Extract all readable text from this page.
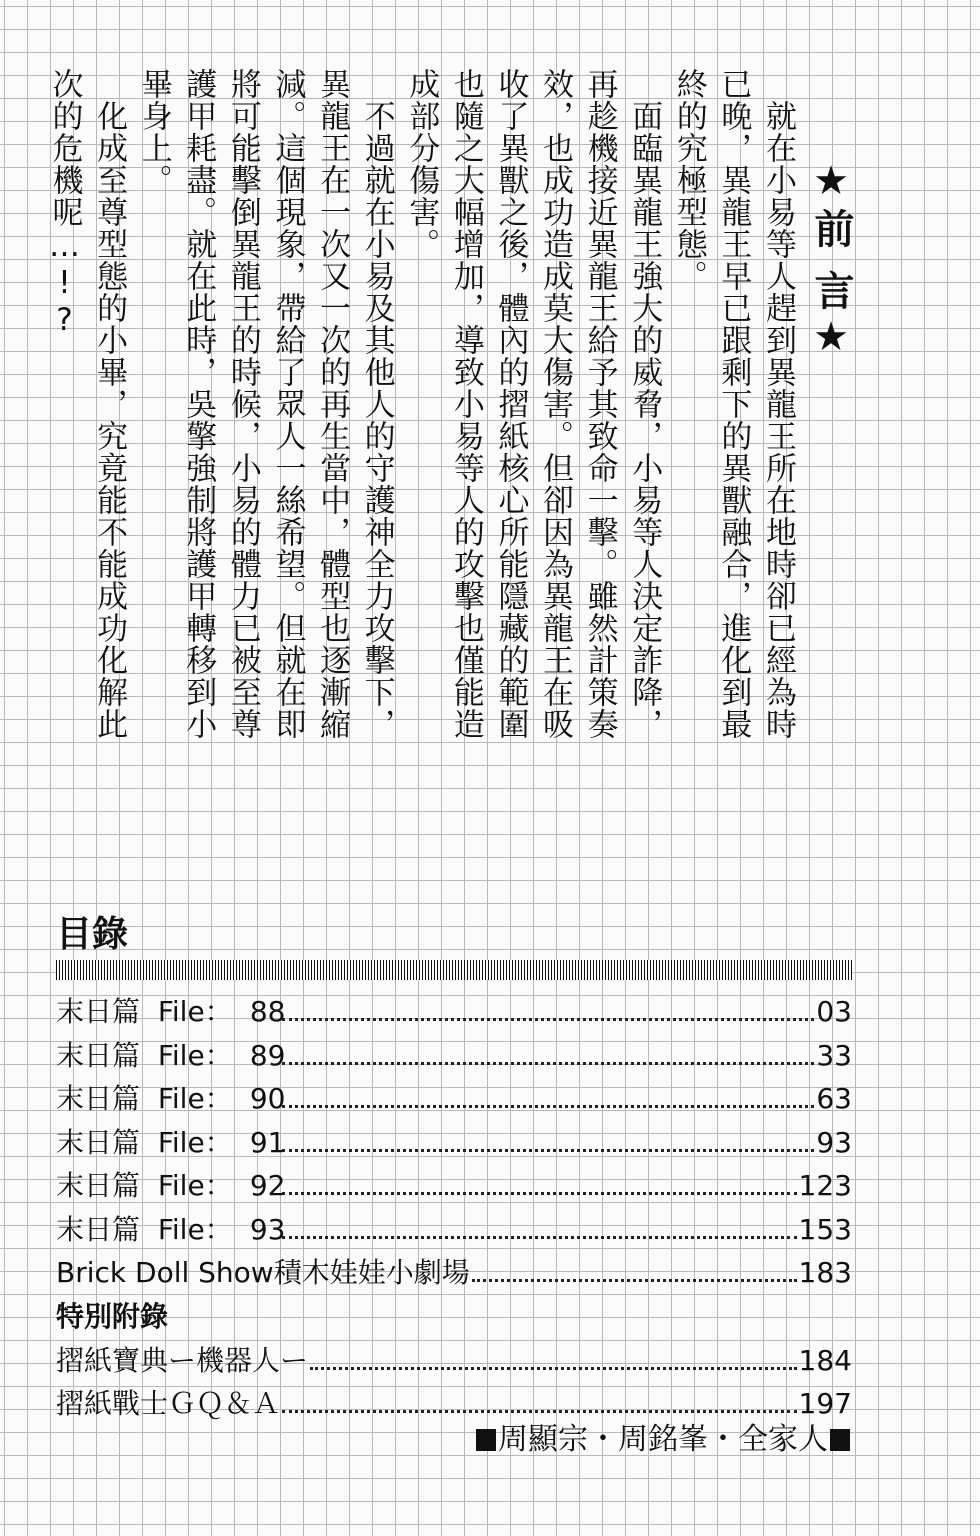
★前 言★

　就在小易等人趕到異龍王所在地時卻已經為時

已晚，異龍王早已跟剩下的異獸融合，進化到最

終的究極型態。

　面臨異龍王強大的威脅，小易等人決定詐降，

再趁機接近異龍王給予其致命一擊。雖然計策奏

效，也成功造成莫大傷害。但卻因為異龍王在吸

收了異獸之後，體內的摺紙核心所能隱藏的範圍

也隨之大幅增加，導致小易等人的攻擊也僅能造

成部分傷害。

　不過就在小易及其他人的守護神全力攻擊下，

異龍王在一次又一次的再生當中，體型也逐漸縮

減。這個現象，帶給了眾人一絲希望。但就在即

將可能擊倒異龍王的時候，小易的體力已被至尊

護甲耗盡。就在此時，吳擎強制將護甲轉移到小

畢身上。

　化成至尊型態的小畢，究竟能不能成功化解此

次的危機呢…!?

目錄
末日篇 File： 88	03
末日篇 File： 89	33
末日篇 File： 90	63
末日篇 File： 91	93
末日篇 File： 92	123
末日篇 File： 93	153
Brick Doll Show積木娃娃小劇場	183
特別附錄
摺紙寶典ー機器人ー	184
摺紙戰士ＧＱ＆Ａ	197
周顯宗・周銘峯・全家人
